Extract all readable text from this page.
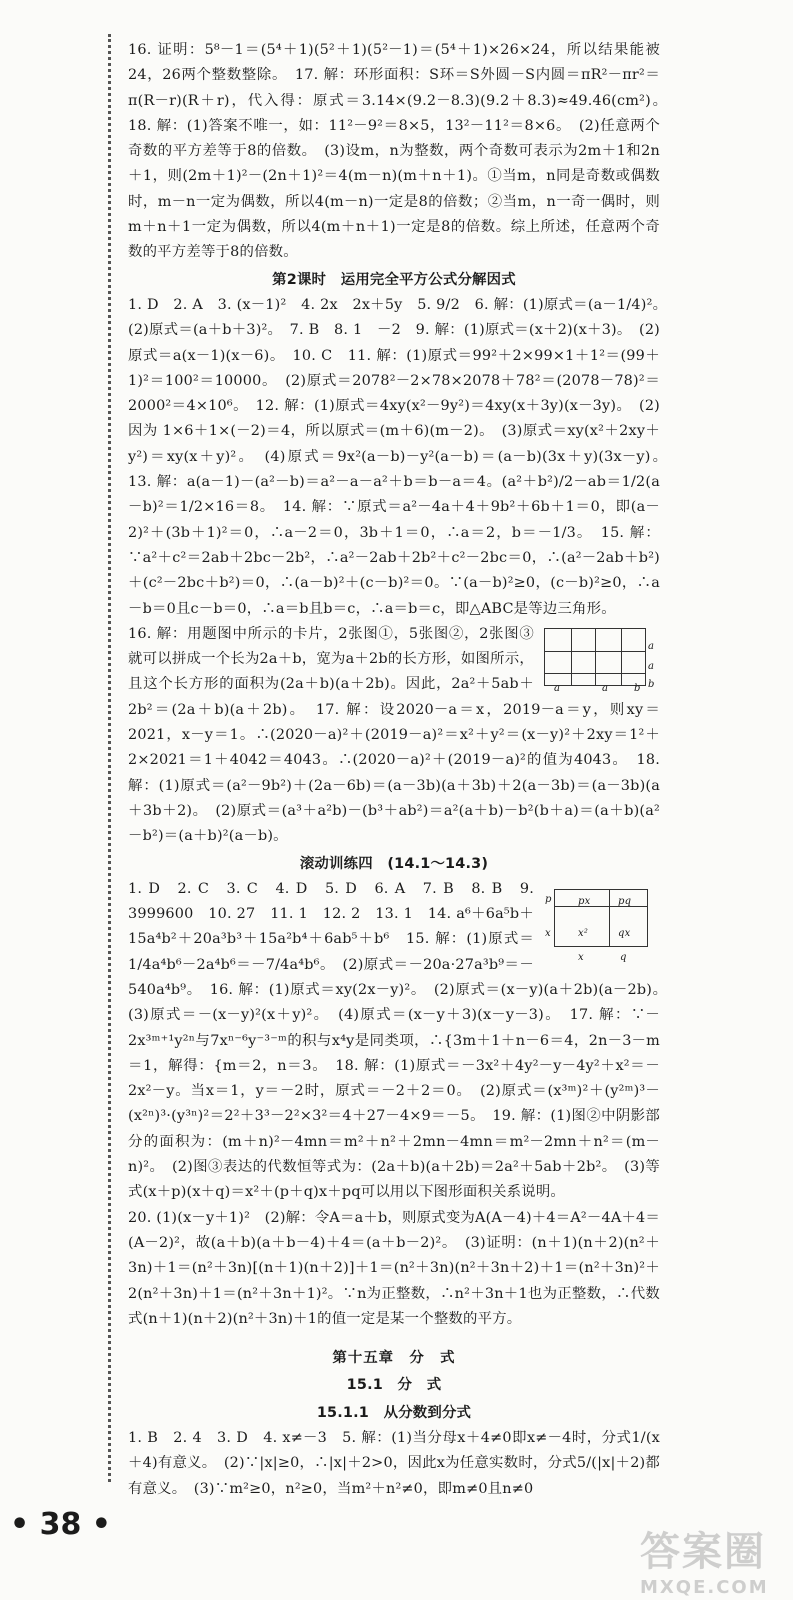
16. 证明：5⁸－1＝(5⁴＋1)(5²＋1)(5²－1)＝(5⁴＋1)×26×24，所以结果能被24，26两个整数整除。　17. 解：环形面积：S环＝S外圆－S内圆＝πR²－πr²＝π(R－r)(R＋r)，代入得：原式＝3.14×(9.2－8.3)(9.2＋8.3)≈49.46(cm²)。　18. 解：(1)答案不唯一，如：11²－9²＝8×5，13²－11²＝8×6。　(2)任意两个奇数的平方差等于8的倍数。　(3)设m，n为整数，两个奇数可表示为2m＋1和2n＋1，则(2m＋1)²－(2n＋1)²＝4(m－n)(m＋n＋1)。①当m，n同是奇数或偶数时，m－n一定为偶数，所以4(m－n)一定是8的倍数；②当m，n一奇一偶时，则m＋n＋1一定为偶数，所以4(m＋n＋1)一定是8的倍数。综上所述，任意两个奇数的平方差等于8的倍数。

第2课时　运用完全平方公式分解因式

1. D　2. A　3. (x－1)²　4. 2x　2x＋5y　5. 9/2　6. 解：(1)原式＝(a－1/4)²。　(2)原式＝(a＋b＋3)²。　7. B　8. 1　－2　9. 解：(1)原式＝(x＋2)(x＋3)。　(2)原式＝a(x－1)(x－6)。　10. C　11. 解：(1)原式＝99²＋2×99×1＋1²＝(99＋1)²＝100²＝10000。　(2)原式＝2078²－2×78×2078＋78²＝(2078－78)²＝2000²＝4×10⁶。　12. 解：(1)原式＝4xy(x²－9y²)＝4xy(x＋3y)(x－3y)。　(2)因为 1×6＋1×(－2)＝4，所以原式＝(m＋6)(m－2)。　(3)原式＝xy(x²＋2xy＋y²)＝xy(x＋y)²。　(4)原式＝9x²(a－b)－y²(a－b)＝(a－b)(3x＋y)(3x－y)。　13. 解：a(a－1)－(a²－b)＝a²－a－a²＋b＝b－a＝4。(a²＋b²)/2－ab＝1/2(a－b)²＝1/2×16＝8。　14. 解：∵原式＝a²－4a＋4＋9b²＋6b＋1＝0，即(a－2)²＋(3b＋1)²＝0，∴a－2＝0，3b＋1＝0，∴a＝2，b＝－1/3。　15. 解：∵a²＋c²＝2ab＋2bc－2b²，∴a²－2ab＋2b²＋c²－2bc＝0，∴(a²－2ab＋b²)＋(c²－2bc＋b²)＝0，∴(a－b)²＋(c－b)²＝0。∵(a－b)²≥0，(c－b)²≥0，∴a－b＝0且c－b＝0，∴a＝b且b＝c，∴a＝b＝c，即△ABC是等边三角形。

a
a
b
a	a	b

16. 解：用题图中所示的卡片，2张图①，5张图②，2张图③就可以拼成一个长为2a＋b，宽为a＋2b的长方形，如图所示，且这个长方形的面积为(2a＋b)(a＋2b)。因此，2a²＋5ab＋2b²＝(2a＋b)(a＋2b)。　17. 解：设2020－a＝x，2019－a＝y，则xy＝2021，x－y＝1。∴(2020－a)²＋(2019－a)²＝x²＋y²＝(x－y)²＋2xy＝1²＋2×2021＝1＋4042＝4043。∴(2020－a)²＋(2019－a)²的值为4043。　18. 解：(1)原式＝(a²－9b²)＋(2a－6b)＝(a－3b)(a＋3b)＋2(a－3b)＝(a－3b)(a＋3b＋2)。　(2)原式＝(a³＋a²b)－(b³＋ab²)＝a²(a＋b)－b²(b＋a)＝(a＋b)(a²－b²)＝(a＋b)²(a－b)。

滚动训练四　(14.1～14.3)
px	pq
x²	qx
p
x
x	q

1. D　2. C　3. C　4. D　5. D　6. A　7. B　8. B　9. 3999600　10. 27　11. 1　12. 2　13. 1　14. a⁶＋6a⁵b＋15a⁴b²＋20a³b³＋15a²b⁴＋6ab⁵＋b⁶　15. 解：(1)原式＝1/4a⁴b⁶－2a⁴b⁶＝－7/4a⁴b⁶。　(2)原式＝－20a·27a³b⁹＝－540a⁴b⁹。　16. 解：(1)原式＝xy(2x－y)²。　(2)原式＝(x－y)(a＋2b)(a－2b)。　(3)原式＝－(x－y)²(x＋y)²。　(4)原式＝(x－y＋3)(x－y－3)。　17. 解：∵－2x³ᵐ⁺¹y²ⁿ与7xⁿ⁻⁶y⁻³⁻ᵐ的积与x⁴y是同类项，∴{3m＋1＋n－6＝4，2n－3－m＝1，解得：{m＝2，n＝3。　18. 解：(1)原式＝－3x²＋4y²－y－4y²＋x²＝－2x²－y。当x＝1，y＝－2时，原式＝－2＋2＝0。　(2)原式＝(x³ᵐ)²＋(y²ᵐ)³－(x²ⁿ)³·(y³ⁿ)²＝2²＋3³－2²×3²＝4＋27－4×9＝－5。　19. 解：(1)图②中阴影部分的面积为：(m＋n)²－4mn＝m²＋n²＋2mn－4mn＝m²－2mn＋n²＝(m－n)²。　(2)图③表达的代数恒等式为：(2a＋b)(a＋2b)＝2a²＋5ab＋2b²。　(3)等式(x＋p)(x＋q)＝x²＋(p＋q)x＋pq可以用以下图形面积关系说明。

20. (1)(x－y＋1)²　(2)解：令A＝a＋b，则原式变为A(A－4)＋4＝A²－4A＋4＝(A－2)²，故(a＋b)(a＋b－4)＋4＝(a＋b－2)²。　(3)证明：(n＋1)(n＋2)(n²＋3n)＋1＝(n²＋3n)[(n＋1)(n＋2)]＋1＝(n²＋3n)(n²＋3n＋2)＋1＝(n²＋3n)²＋2(n²＋3n)＋1＝(n²＋3n＋1)²。∵n为正整数，∴n²＋3n＋1也为正整数，∴代数式(n＋1)(n＋2)(n²＋3n)＋1的值一定是某一个整数的平方。

第十五章　分　式
15.1　分　式
15.1.1　从分数到分式

1. B　2. 4　3. D　4. x≠－3　5. 解：(1)当分母x＋4≠0即x≠－4时，分式1/(x＋4)有意义。　(2)∵|x|≥0，∴|x|＋2>0，因此x为任意实数时，分式5/(|x|＋2)都有意义。　(3)∵m²≥0，n²≥0，当m²＋n²≠0，即m≠0且n≠0

• 38 •
答案圈
MXQE.COM
